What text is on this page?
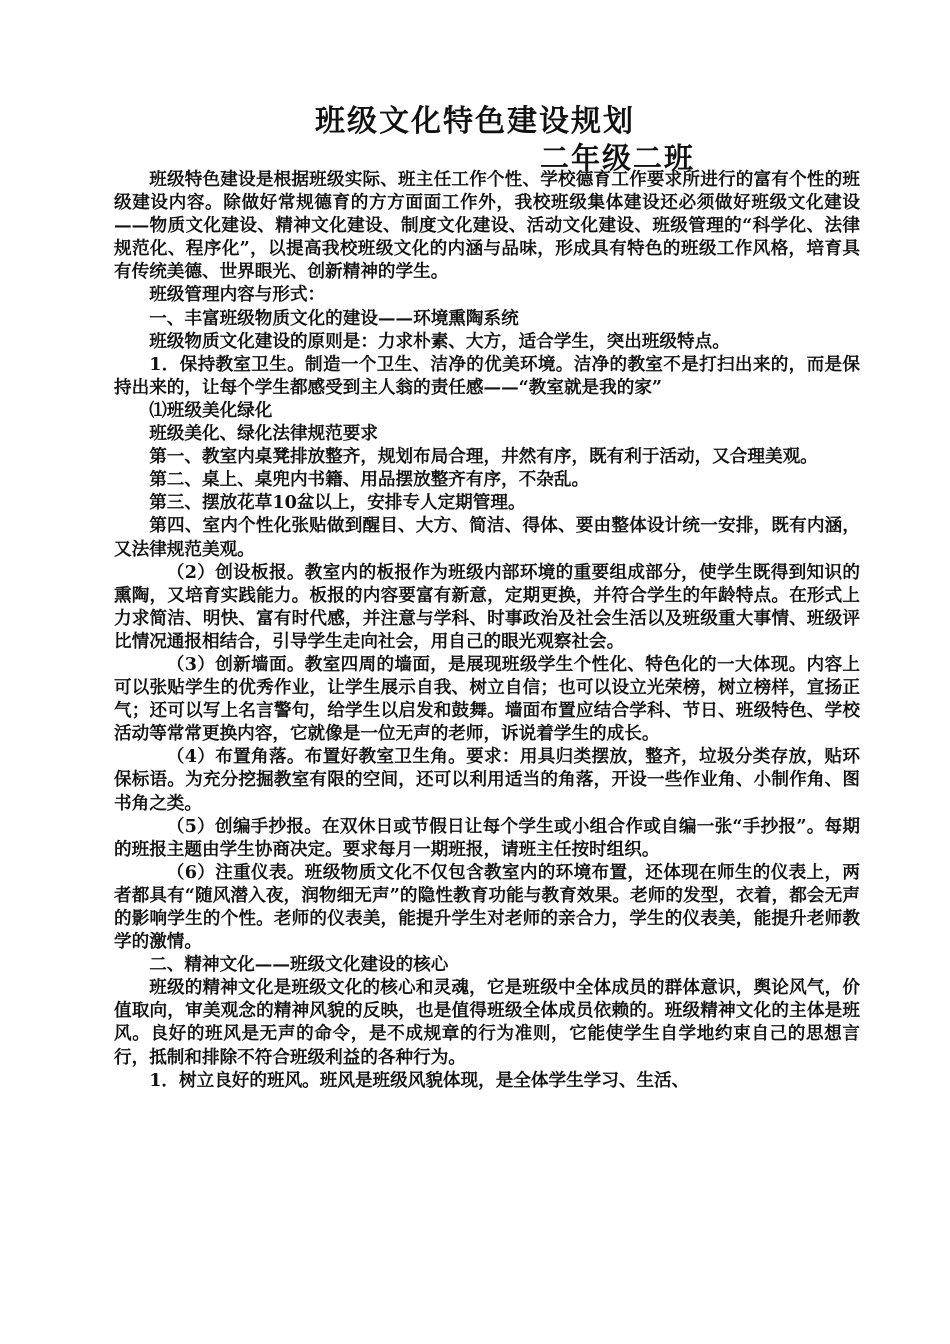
班级文化特色建设规划
二年级二班

班级特色建设是根据班级实际、班主任工作个性、学校德育工作要求所进行的富有个性的班级建设内容。除做好常规德育的方方面面工作外，我校班级集体建设还必须做好班级文化建设——物质文化建设、精神文化建设、制度文化建设、活动文化建设、班级管理的“科学化、法律规范化、程序化”，以提高我校班级文化的内涵与品味，形成具有特色的班级工作风格，培育具有传统美德、世界眼光、创新精神的学生。

班级管理内容与形式：

一、丰富班级物质文化的建设——环境熏陶系统

班级物质文化建设的原则是：力求朴素、大方，适合学生，突出班级特点。

1．保持教室卫生。制造一个卫生、洁净的优美环境。洁净的教室不是打扫出来的，而是保持出来的，让每个学生都感受到主人翁的责任感——“教室就是我的家”

⑴班级美化绿化

班级美化、绿化法律规范要求

第一、教室内桌凳排放整齐，规划布局合理，井然有序，既有利于活动，又合理美观。

第二、桌上、桌兜内书籍、用品摆放整齐有序，不杂乱。

第三、摆放花草10盆以上，安排专人定期管理。

第四、室内个性化张贴做到醒目、大方、简洁、得体、要由整体设计统一安排，既有内涵，又法律规范美观。

（2）创设板报。教室内的板报作为班级内部环境的重要组成部分，使学生既得到知识的熏陶，又培育实践能力。板报的内容要富有新意，定期更换，并符合学生的年龄特点。在形式上力求简洁、明快、富有时代感，并注意与学科、时事政治及社会生活以及班级重大事情、班级评比情况通报相结合，引导学生走向社会，用自己的眼光观察社会。

（3）创新墙面。教室四周的墙面，是展现班级学生个性化、特色化的一大体现。内容上可以张贴学生的优秀作业，让学生展示自我、树立自信；也可以设立光荣榜，树立榜样，宣扬正气；还可以写上名言警句，给学生以启发和鼓舞。墙面布置应结合学科、节日、班级特色、学校活动等常常更换内容，它就像是一位无声的老师，诉说着学生的成长。

（4）布置角落。布置好教室卫生角。要求：用具归类摆放，整齐，垃圾分类存放，贴环保标语。为充分挖掘教室有限的空间，还可以利用适当的角落，开设一些作业角、小制作角、图书角之类。

（5）创编手抄报。在双休日或节假日让每个学生或小组合作或自编一张“手抄报”。每期的班报主题由学生协商决定。要求每月一期班报，请班主任按时组织。

（6）注重仪表。班级物质文化不仅包含教室内的环境布置，还体现在师生的仪表上，两者都具有“随风潜入夜，润物细无声”的隐性教育功能与教育效果。老师的发型，衣着，都会无声的影响学生的个性。老师的仪表美，能提升学生对老师的亲合力，学生的仪表美，能提升老师教学的激情。

二、精神文化——班级文化建设的核心

班级的精神文化是班级文化的核心和灵魂，它是班级中全体成员的群体意识，舆论风气，价值取向，审美观念的精神风貌的反映，也是值得班级全体成员依赖的。班级精神文化的主体是班风。良好的班风是无声的命令，是不成规章的行为准则，它能使学生自学地约束自己的思想言行，抵制和排除不符合班级利益的各种行为。

1．树立良好的班风。班风是班级风貌体现，是全体学生学习、生活、
